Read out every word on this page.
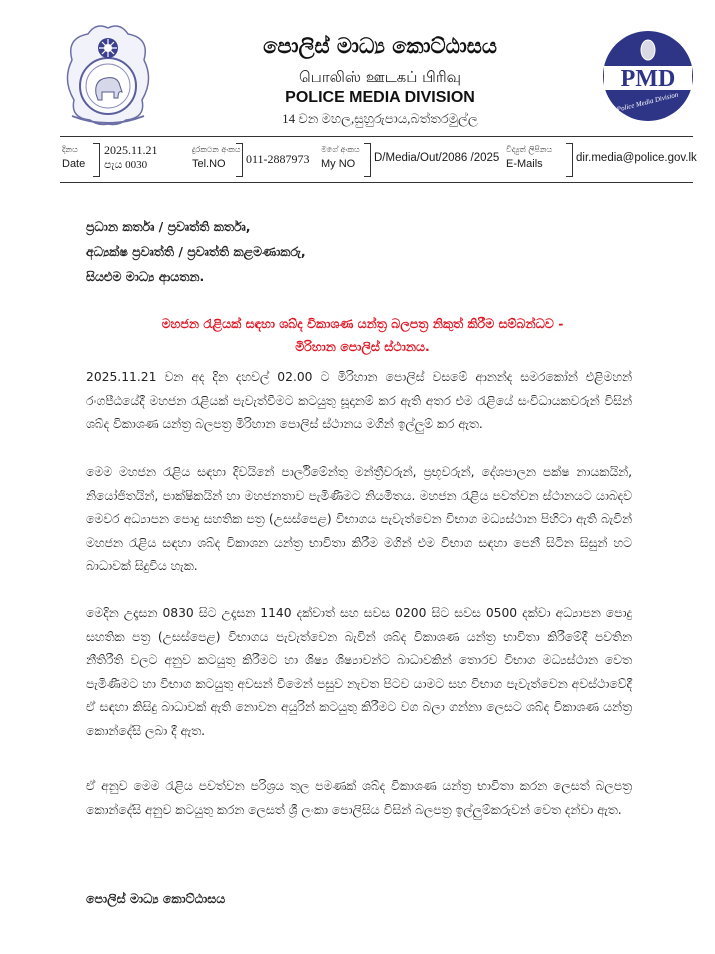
පොලිස් මාධ්‍ය කොට්ඨාසය
பொலிஸ் ஊடகப் பிரிவு
POLICE MEDIA DIVISION
14 වන මහල,සුහුරුපාය,බත්තරමුල්ල
PMD
Police Media Division
දිනය
Date
2025.11.21
පැය 0030
දුරකථන අංකය
Tel.NO	011-2887973
මගේ අංකය
My NO	D/Media/Out/2086 /2025
විද්‍යුත් ලිපිනය
E-Mails	dir.media@police.gov.lk
ප්‍රධාන කර්තෘ / ප්‍රවෘත්ති කර්තෘ,
අධ්‍යක්ෂ ප්‍රවෘත්ති / ප්‍රවෘත්ති කළමණාකරු,
සියළුම මාධ්‍ය ආයතන.
මහජන රැළියක් සඳහා ශබ්ද විකාශණ යන්ත්‍ර බලපත්‍ර නිකුත් කිරීම සම්බන්ධව -
මිරිහාන පොලිස් ස්ථානය.
2025.11.21 වන අද දින දහවල් 02.00 ට මිරිහාන පොලිස් වසමේ ආනන්ද සමරකෝන් එළිමහන් රංගපීඨයේදී මහජන රැළියක් පැවැත්වීමට කටයුතු සූදානම් කර ඇති අතර එම රැළියේ සංවිධායකවරුන් විසින් ශබ්ද විකාශණ යන්ත්‍ර බලපත්‍ර මිරිහාන පොලිස් ස්ථානය මගින් ඉල්ලුම් කර ඇත.
මෙම මහජන රැළිය සඳහා දිවයිනේ පාර්ලිමේන්තු මන්ත්‍රීවරුන්, ප්‍රභූවරුන්, දේශපාලන පක්ෂ නායකයින්, නියෝජිතයින්, පාක්ෂිකයින් හා මහජනතාව පැමිණීමට නියමිතය. මහජන රැළිය පවත්වන ස්ථානයට යාබදව මෙවර අධ්‍යාපන පොදු සහතික පත්‍ර (උසස්පෙළ) විභාගය පැවැත්වෙන විභාග මධ්‍යස්ථාන පිහිටා ඇති බැවින් මහජන රැළිය සඳහා ශබ්ද විකාශන යන්ත්‍ර භාවිතා කිරීම මගින් එම විභාග සඳහා පෙනී සිටින සිසුන් හට බාධාවක් සිදුවිය හැක.
මෙදින උදෑසන 0830 සිට උදෑසන 1140 දක්වාත් සහ සවස 0200 සිට සවස 0500 දක්වා අධ්‍යාපන පොදු සහතික පත්‍ර (උසස්පෙළ) විභාගය පැවැත්වෙන බැවින් ශබ්ද විකාශණ යන්ත්‍ර භාවිතා කිරීමේදී පවතින නීතිරීති වලට අනුව කටයුතු කිරීමට හා ශිෂ්‍ය ශිෂ්‍යාවන්ට බාධාවකින් තොරව විභාග මධ්‍යස්ථාන වෙත පැමිණීමට හා විභාග කටයුතු අවසන් වීමෙන් පසුව නැවත පිටව යාමට සහ විභාග පැවැත්වෙන අවස්ථාවේදී ඒ සඳහා කිසිදු බාධාවක් ඇති නොවන අයුරින් කටයුතු කිරීමට වග බලා ගන්නා ලෙසට ශබ්ද විකාශණ යන්ත්‍ර කොන්දේසි ලබා දී ඇත.
ඒ අනුව මෙම රැළිය පවත්වන පරිශ්‍රය තුල පමණක් ශබ්ද විකාශණ යන්ත්‍ර භාවිතා කරන ලෙසත් බලපත්‍ර කොන්දේසි අනුව කටයුතු කරන ලෙසත් ශ්‍රී ලංකා පොලිසිය විසින් බලපත්‍ර ඉල්ලුම්කරුවන් වෙත දන්වා ඇත.
පොලිස් මාධ්‍ය කොට්ඨාසය
